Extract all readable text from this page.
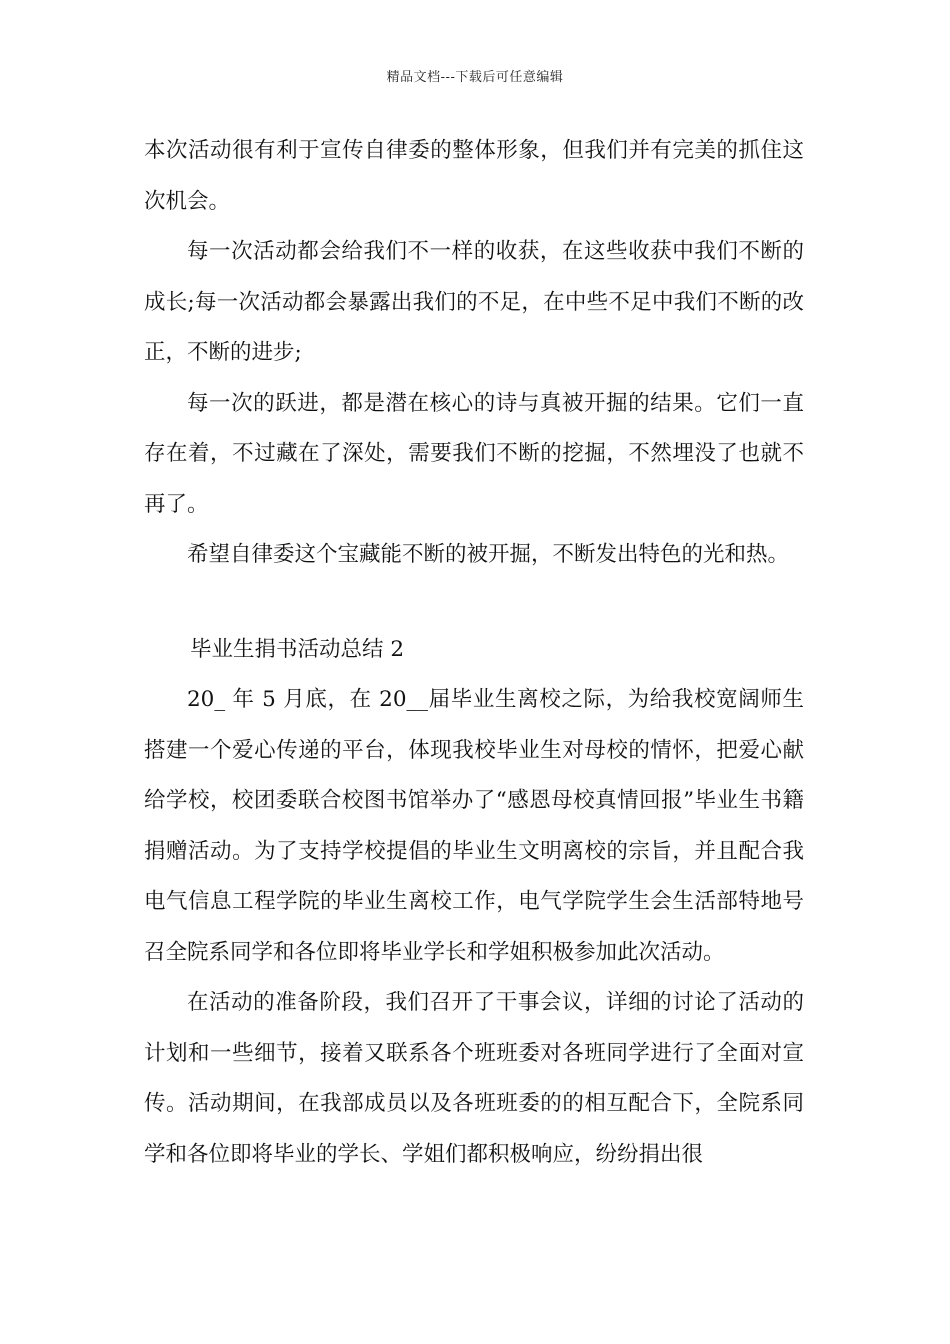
精品文档---下载后可任意编辑

本次活动很有利于宣传自律委的整体形象，但我们并有完美的抓住这次机会。

每一次活动都会给我们不一样的收获，在这些收获中我们不断的成长;每一次活动都会暴露出我们的不足，在中些不足中我们不断的改正，不断的进步;

每一次的跃进，都是潜在核心的诗与真被开掘的结果。它们一直存在着，不过藏在了深处，需要我们不断的挖掘，不然埋没了也就不再了。

希望自律委这个宝藏能不断的被开掘，不断发出特色的光和热。

毕业生捐书活动总结 2

20_ 年 5 月底，在 20__届毕业生离校之际，为给我校宽阔师生搭建一个爱心传递的平台，体现我校毕业生对母校的情怀，把爱心献给学校，校团委联合校图书馆举办了“感恩母校真情回报”毕业生书籍捐赠活动。为了支持学校提倡的毕业生文明离校的宗旨，并且配合我电气信息工程学院的毕业生离校工作，电气学院学生会生活部特地号召全院系同学和各位即将毕业学长和学姐积极参加此次活动。

在活动的准备阶段，我们召开了干事会议，详细的讨论了活动的计划和一些细节，接着又联系各个班班委对各班同学进行了全面对宣传。活动期间，在我部成员以及各班班委的的相互配合下，全院系同学和各位即将毕业的学长、学姐们都积极响应，纷纷捐出很
